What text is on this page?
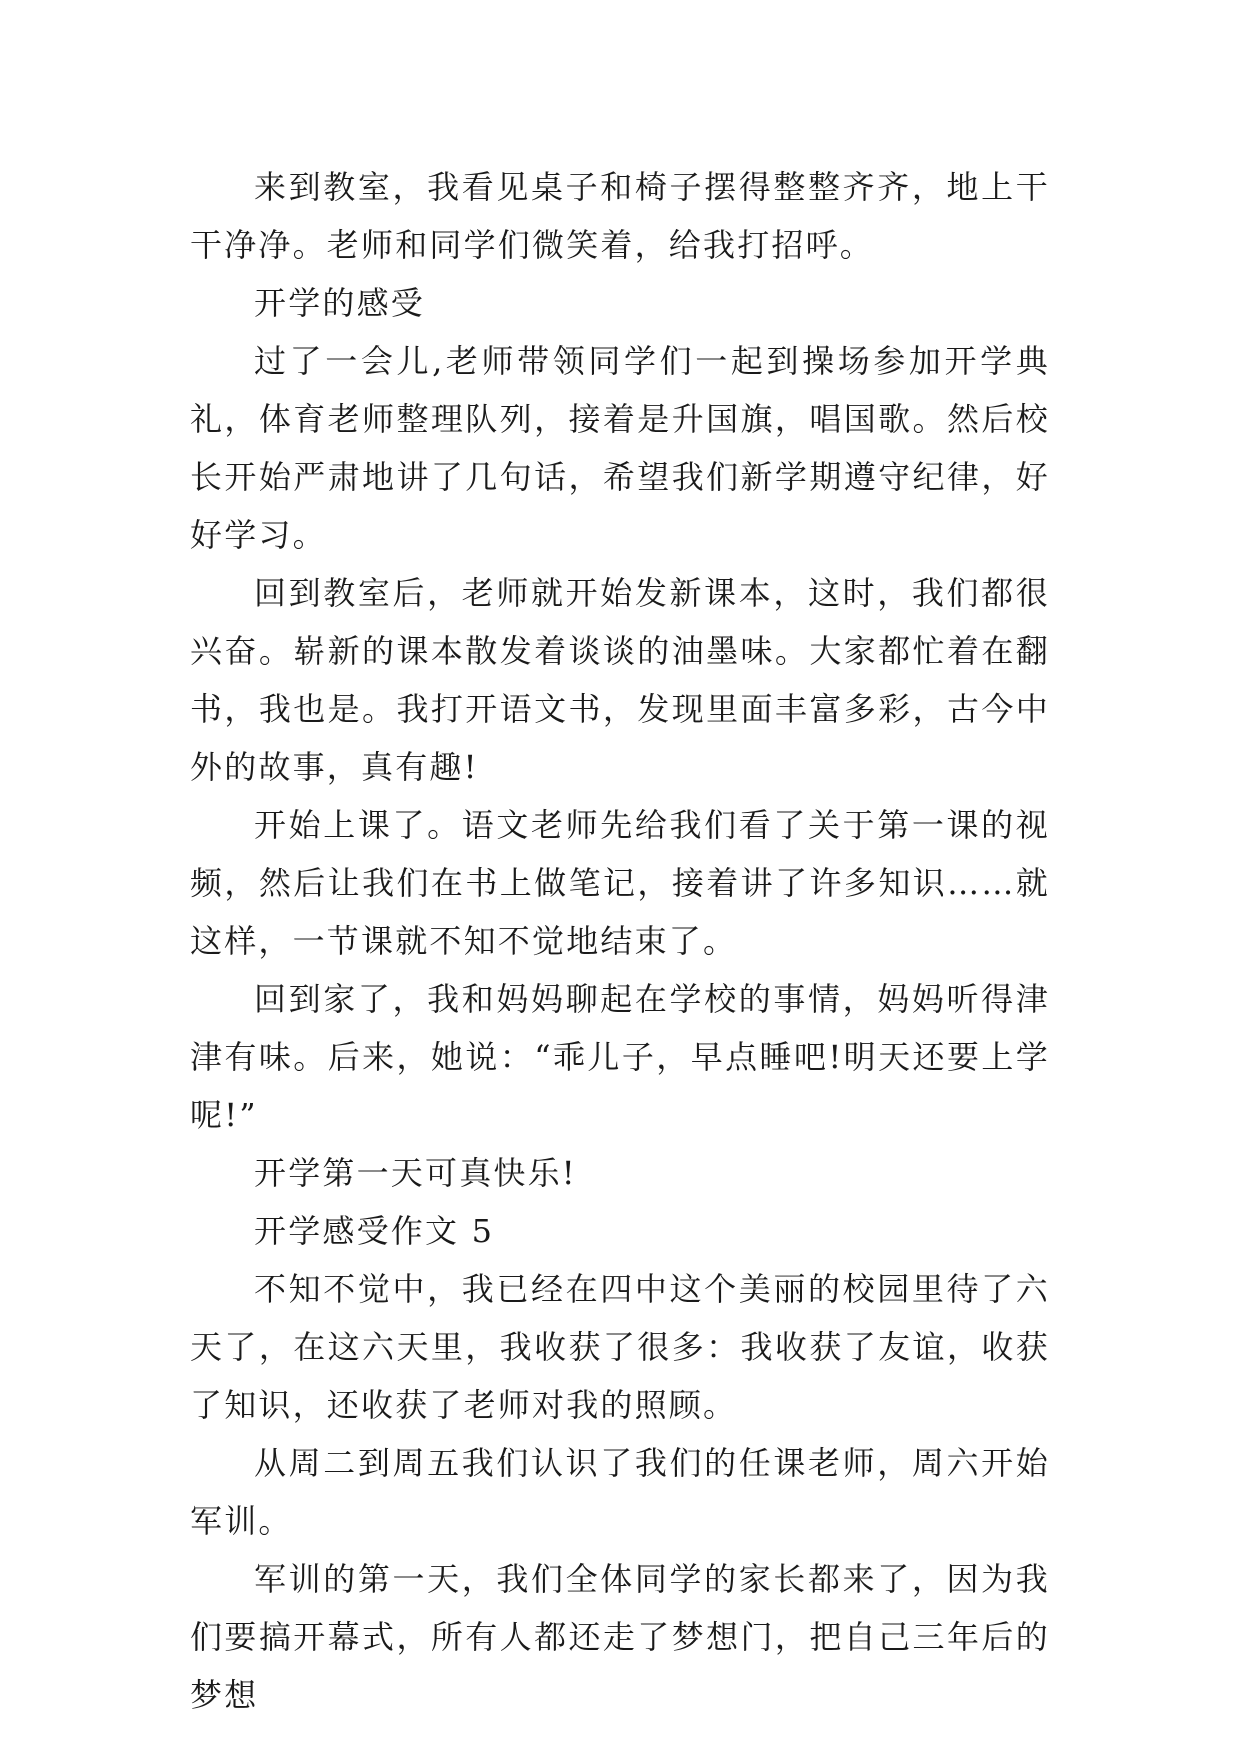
来到教室，我看见桌子和椅子摆得整整齐齐，地上干干净净。老师和同学们微笑着，给我打招呼。

开学的感受

过了一会儿,老师带领同学们一起到操场参加开学典礼，体育老师整理队列，接着是升国旗，唱国歌。然后校长开始严肃地讲了几句话，希望我们新学期遵守纪律，好好学习。

回到教室后，老师就开始发新课本，这时，我们都很兴奋。崭新的课本散发着谈谈的油墨味。大家都忙着在翻书，我也是。我打开语文书，发现里面丰富多彩，古今中外的故事，真有趣!

开始上课了。语文老师先给我们看了关于第一课的视频，然后让我们在书上做笔记，接着讲了许多知识……就这样，一节课就不知不觉地结束了。

回到家了，我和妈妈聊起在学校的事情，妈妈听得津津有味。后来，她说：“乖儿子，早点睡吧!明天还要上学呢!”

开学第一天可真快乐!

开学感受作文 5

不知不觉中，我已经在四中这个美丽的校园里待了六天了，在这六天里，我收获了很多：我收获了友谊，收获了知识，还收获了老师对我的照顾。

从周二到周五我们认识了我们的任课老师，周六开始军训。

军训的第一天，我们全体同学的家长都来了，因为我们要搞开幕式，所有人都还走了梦想门，把自己三年后的梦想
